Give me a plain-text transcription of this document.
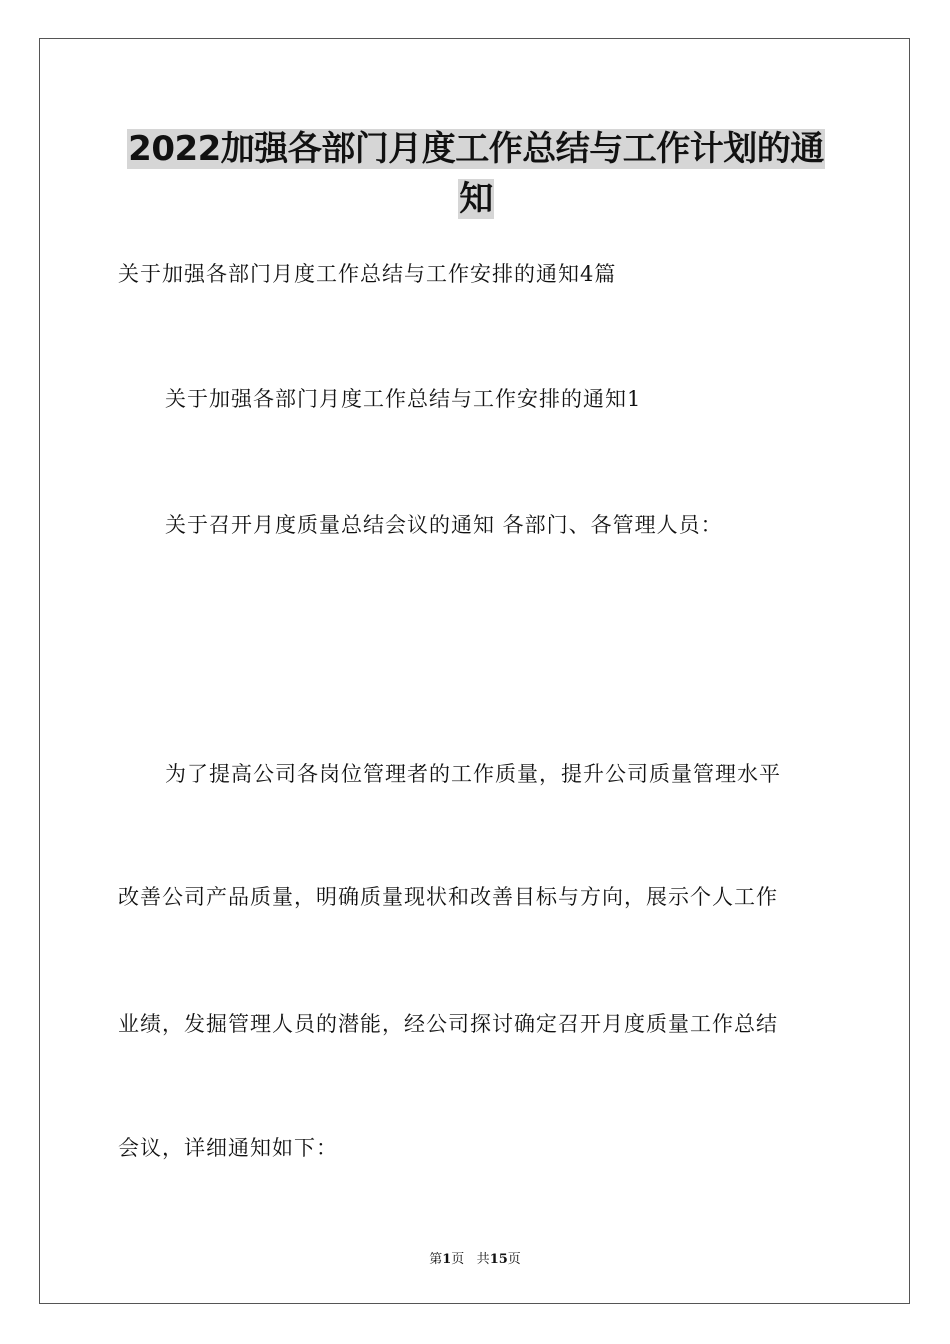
2022加强各部门月度工作总结与工作计划的通知

关于加强各部门月度工作总结与工作安排的通知4篇

关于加强各部门月度工作总结与工作安排的通知1

关于召开月度质量总结会议的通知 各部门、各管理人员：

为了提高公司各岗位管理者的工作质量，提升公司质量管理水平

改善公司产品质量，明确质量现状和改善目标与方向，展示个人工作

业绩，发掘管理人员的潜能，经公司探讨确定召开月度质量工作总结

会议，详细通知如下：

第1页 共15页
